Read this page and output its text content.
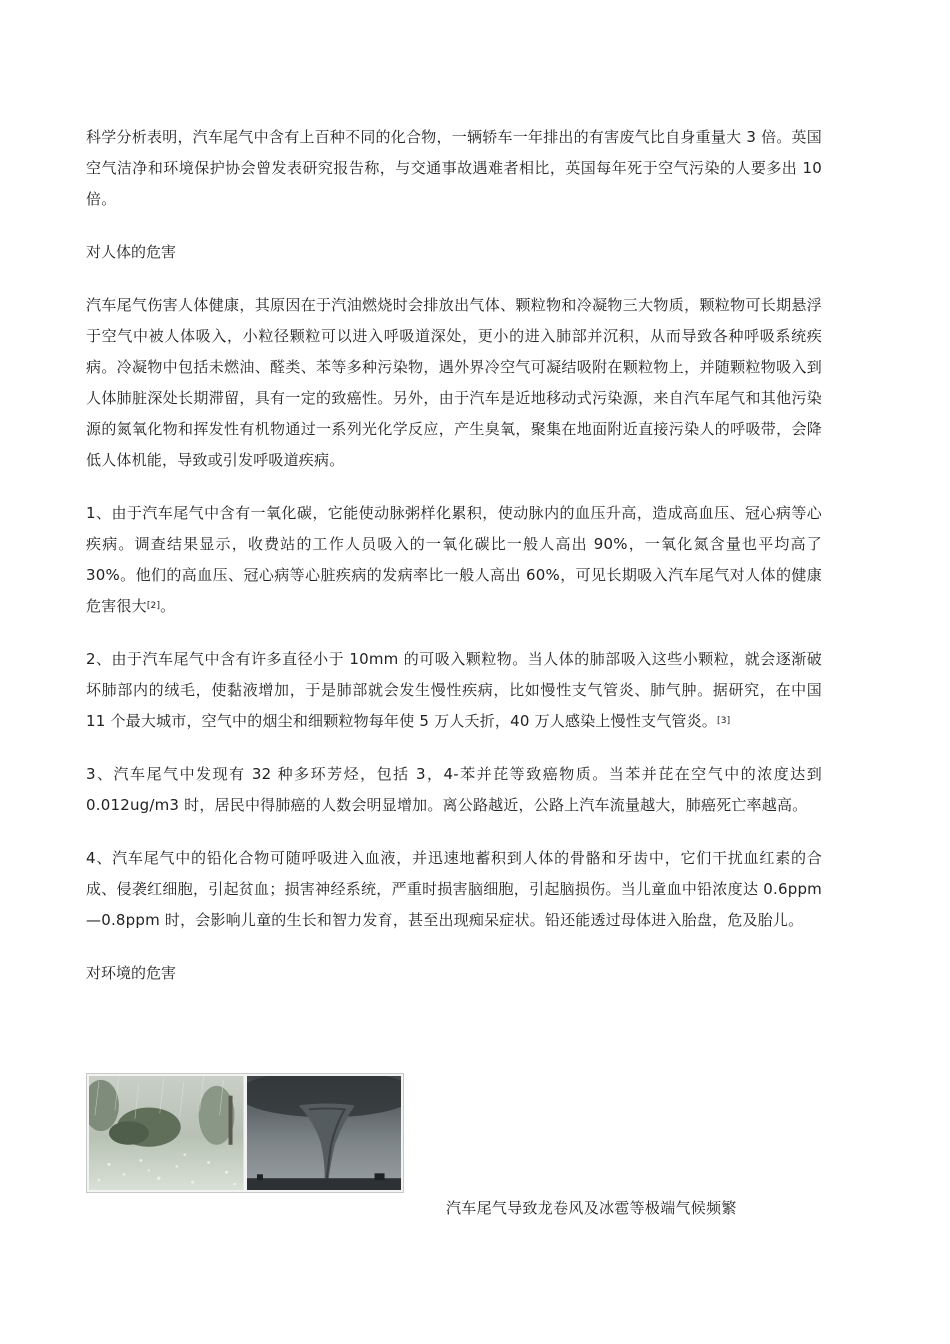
科学分析表明，汽车尾气中含有上百种不同的化合物，一辆轿车一年排出的有害废气比自身重量大 3 倍。英国空气洁净和环境保护协会曾发表研究报告称，与交通事故遇难者相比，英国每年死于空气污染的人要多出 10 倍。

对人体的危害

汽车尾气伤害人体健康，其原因在于汽油燃烧时会排放出气体、颗粒物和冷凝物三大物质，颗粒物可长期悬浮于空气中被人体吸入，小粒径颗粒可以进入呼吸道深处，更小的进入肺部并沉积，从而导致各种呼吸系统疾病。冷凝物中包括未燃油、醛类、苯等多种污染物，遇外界冷空气可凝结吸附在颗粒物上，并随颗粒物吸入到人体肺脏深处长期滞留，具有一定的致癌性。另外，由于汽车是近地移动式污染源，来自汽车尾气和其他污染源的氮氧化物和挥发性有机物通过一系列光化学反应，产生臭氧，聚集在地面附近直接污染人的呼吸带，会降低人体机能，导致或引发呼吸道疾病。

1、由于汽车尾气中含有一氧化碳，它能使动脉粥样化累积，使动脉内的血压升高，造成高血压、冠心病等心疾病。调查结果显示，收费站的工作人员吸入的一氧化碳比一般人高出 90%，一氧化氮含量也平均高了 30%。他们的高血压、冠心病等心脏疾病的发病率比一般人高出 60%，可见长期吸入汽车尾气对人体的健康危害很大[2]。

2、由于汽车尾气中含有许多直径小于 10mm 的可吸入颗粒物。当人体的肺部吸入这些小颗粒，就会逐渐破坏肺部内的绒毛，使黏液增加，于是肺部就会发生慢性疾病，比如慢性支气管炎、肺气肿。据研究，在中国 11 个最大城市，空气中的烟尘和细颗粒物每年使 5 万人夭折，40 万人感染上慢性支气管炎。[3]

3、汽车尾气中发现有 32 种多环芳烃，包括 3，4-苯并芘等致癌物质。当苯并芘在空气中的浓度达到 0.012ug/m3 时，居民中得肺癌的人数会明显增加。离公路越近，公路上汽车流量越大，肺癌死亡率越高。

4、汽车尾气中的铅化合物可随呼吸进入血液，并迅速地蓄积到人体的骨骼和牙齿中，它们干扰血红素的合成、侵袭红细胞，引起贫血；损害神经系统，严重时损害脑细胞，引起脑损伤。当儿童血中铅浓度达 0.6ppm—0.8ppm 时，会影响儿童的生长和智力发育，甚至出现痴呆症状。铅还能透过母体进入胎盘，危及胎儿。

对环境的危害

汽车尾气导致龙卷风及冰雹等极端气候频繁
